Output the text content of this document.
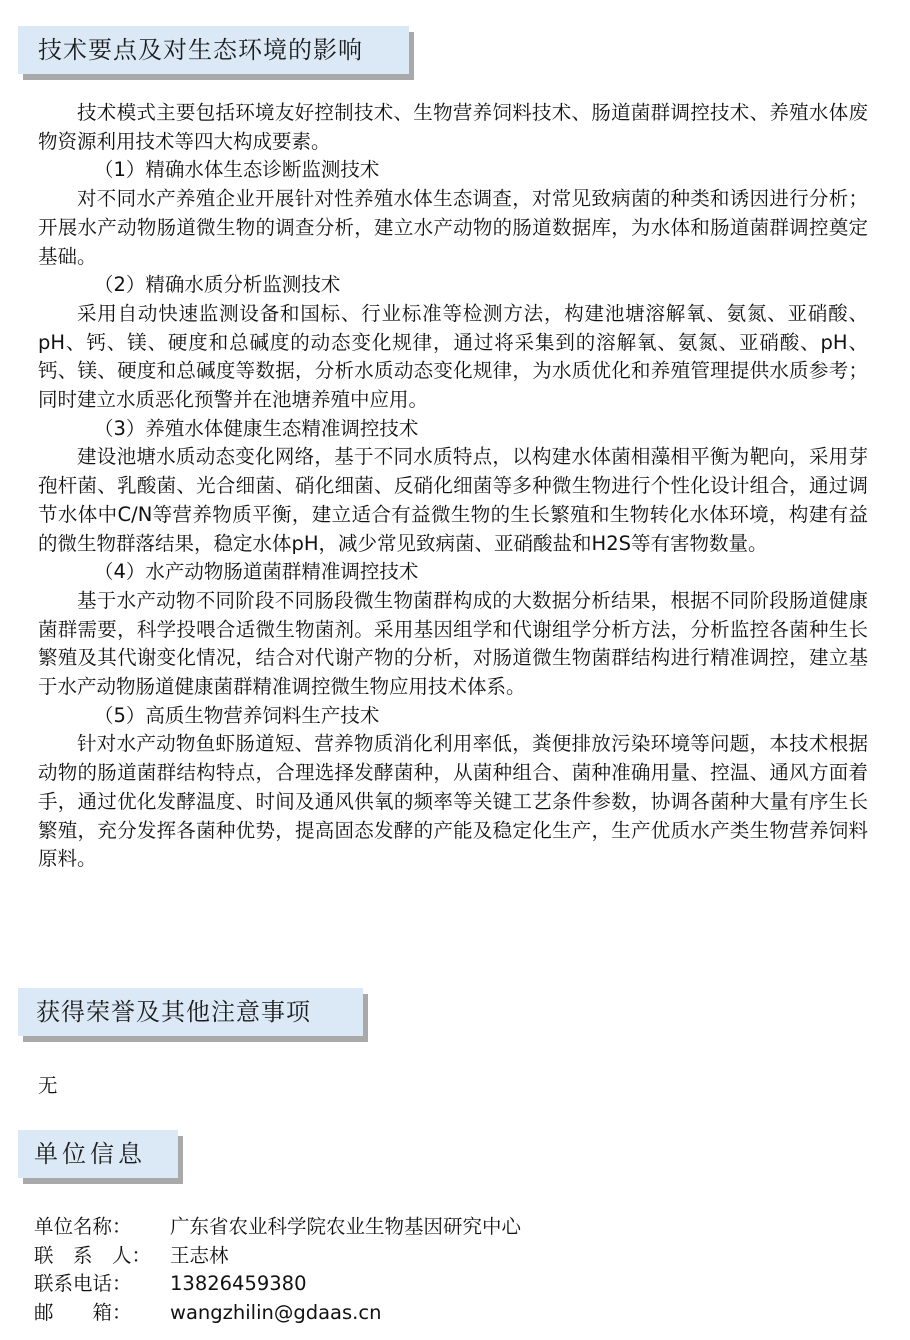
技术要点及对生态环境的影响

技术模式主要包括环境友好控制技术、生物营养饲料技术、肠道菌群调控技术、养殖水体废物资源利用技术等四大构成要素。

（1）精确水体生态诊断监测技术

对不同水产养殖企业开展针对性养殖水体生态调查，对常见致病菌的种类和诱因进行分析；开展水产动物肠道微生物的调查分析，建立水产动物的肠道数据库，为水体和肠道菌群调控奠定基础。

（2）精确水质分析监测技术

采用自动快速监测设备和国标、行业标准等检测方法，构建池塘溶解氧、氨氮、亚硝酸、pH、钙、镁、硬度和总碱度的动态变化规律，通过将采集到的溶解氧、氨氮、亚硝酸、pH、钙、镁、硬度和总碱度等数据，分析水质动态变化规律，为水质优化和养殖管理提供水质参考；同时建立水质恶化预警并在池塘养殖中应用。

（3）养殖水体健康生态精准调控技术

建设池塘水质动态变化网络，基于不同水质特点，以构建水体菌相藻相平衡为靶向，采用芽孢杆菌、乳酸菌、光合细菌、硝化细菌、反硝化细菌等多种微生物进行个性化设计组合，通过调节水体中C/N等营养物质平衡，建立适合有益微生物的生长繁殖和生物转化水体环境，构建有益的微生物群落结果，稳定水体pH，减少常见致病菌、亚硝酸盐和H2S等有害物数量。

（4）水产动物肠道菌群精准调控技术

基于水产动物不同阶段不同肠段微生物菌群构成的大数据分析结果，根据不同阶段肠道健康菌群需要，科学投喂合适微生物菌剂。采用基因组学和代谢组学分析方法，分析监控各菌种生长繁殖及其代谢变化情况，结合对代谢产物的分析，对肠道微生物菌群结构进行精准调控，建立基于水产动物肠道健康菌群精准调控微生物应用技术体系。

（5）高质生物营养饲料生产技术

针对水产动物鱼虾肠道短、营养物质消化利用率低，粪便排放污染环境等问题，本技术根据动物的肠道菌群结构特点，合理选择发酵菌种，从菌种组合、菌种准确用量、控温、通风方面着手，通过优化发酵温度、时间及通风供氧的频率等关键工艺条件参数，协调各菌种大量有序生长繁殖，充分发挥各菌种优势，提高固态发酵的产能及稳定化生产，生产优质水产类生物营养饲料原料。

获得荣誉及其他注意事项
无
单位信息
单位名称：	广东省农业科学院农业生物基因研究中心
联　系　人： 王志林
联系电话：	13826459380
邮　　箱：	wangzhilin@gdaas.cn
